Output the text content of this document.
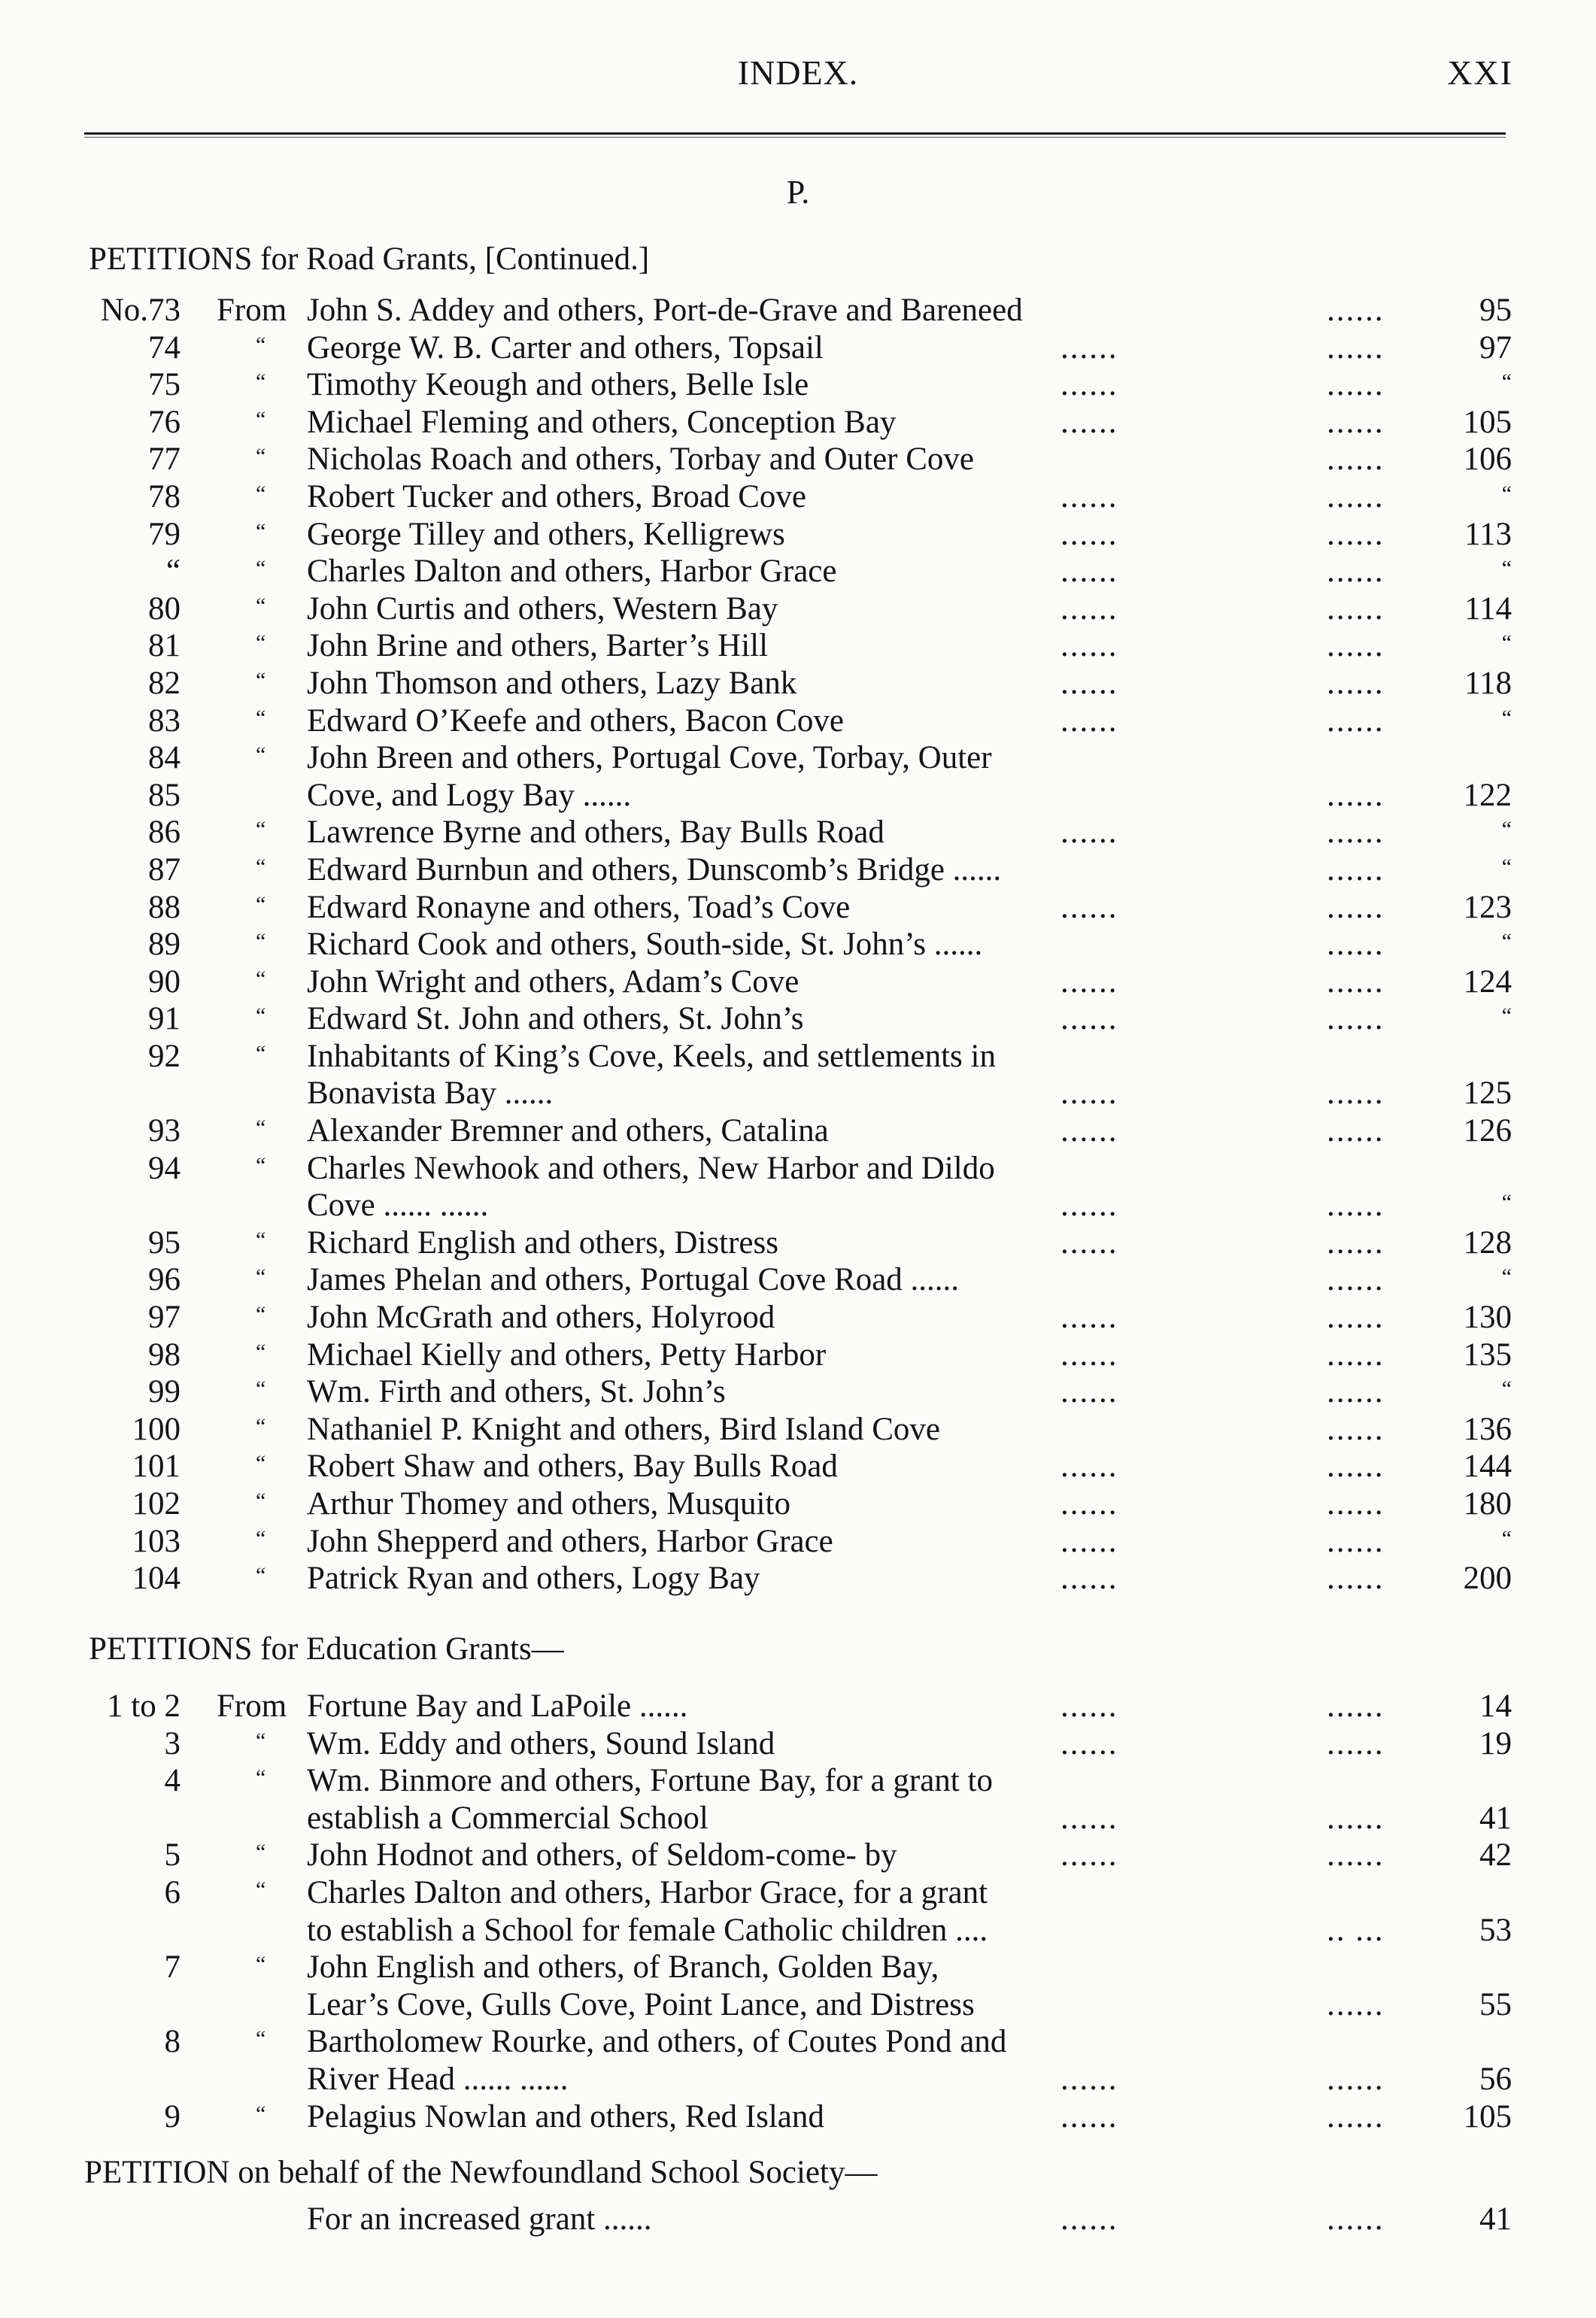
INDEX.	XXI
P.
PETITIONS for Road Grants, [Continued.]
No.73 From John S. Addey and others, Port-de-Grave and Bareneed	......	95
74	“ George W. B. Carter and others, Topsail	......	......	97
75	“ Timothy Keough and others, Belle Isle	......	......	“
76	“ Michael Fleming and others, Conception Bay	......	...... 105
77	“ Nicholas Roach and others, Torbay and Outer Cove	...... 106
78	“ Robert Tucker and others, Broad Cove	......	......	“
79	“ George Tilley and others, Kelligrews	......	...... 113
“	“ Charles Dalton and others, Harbor Grace	......	......	“
80	“ John Curtis and others, Western Bay	......	...... 114
81	“ John Brine and others, Barter’s Hill	......	......	“
82	“ John Thomson and others, Lazy Bank	......	...... 118
83	“ Edward O’Keefe and others, Bacon Cove	......	......	“
84	“ John Breen and others, Portugal Cove, Torbay, Outer
85	Cove, and Logy Bay ......	...... 122
86	“ Lawrence Byrne and others, Bay Bulls Road	......	......	“
87	“ Edward Burnbun and others, Dunscomb’s Bridge ......	......	“
88	“ Edward Ronayne and others, Toad’s Cove	......	...... 123
89	“ Richard Cook and others, South-side, St. John’s ......	......	“
90	“ John Wright and others, Adam’s Cove	......	...... 124
91	“ Edward St. John and others, St. John’s	......	......	“
92	“ Inhabitants of King’s Cove, Keels, and settlements in
Bonavista Bay ......	......	...... 125
93	“ Alexander Bremner and others, Catalina	......	...... 126
94	“ Charles Newhook and others, New Harbor and Dildo
Cove ...... ......	......	......	“
95	“ Richard English and others, Distress	......	...... 128
96	“ James Phelan and others, Portugal Cove Road ......	......	“
97	“ John McGrath and others, Holyrood	......	...... 130
98	“ Michael Kielly and others, Petty Harbor	......	...... 135
99	“ Wm. Firth and others, St. John’s	......	......	“
100	“ Nathaniel P. Knight and others, Bird Island Cove	...... 136
101	“ Robert Shaw and others, Bay Bulls Road	......	...... 144
102	“ Arthur Thomey and others, Musquito	......	...... 180
103	“ John Shepperd and others, Harbor Grace	......	......	“
104	“ Patrick Ryan and others, Logy Bay	......	...... 200
PETITIONS for Education Grants—
1 to 2 From Fortune Bay and LaPoile ......	......	......	14
3	“ Wm. Eddy and others, Sound Island	......	......	19
4	“ Wm. Binmore and others, Fortune Bay, for a grant to
establish a Commercial School	......	......	41
5	“ John Hodnot and others, of Seldom-come- by	......	......	42
6	“ Charles Dalton and others, Harbor Grace, for a grant
to establish a School for female Catholic children ....	.. ...	53
7	“ John English and others, of Branch, Golden Bay,
Lear’s Cove, Gulls Cove, Point Lance, and Distress	......	55
8	“ Bartholomew Rourke, and others, of Coutes Pond and
River Head ...... ......	......	......	56
9	“ Pelagius Nowlan and others, Red Island	......	...... 105
PETITION on behalf of the Newfoundland School Society—
For an increased grant ......	......	......	41
